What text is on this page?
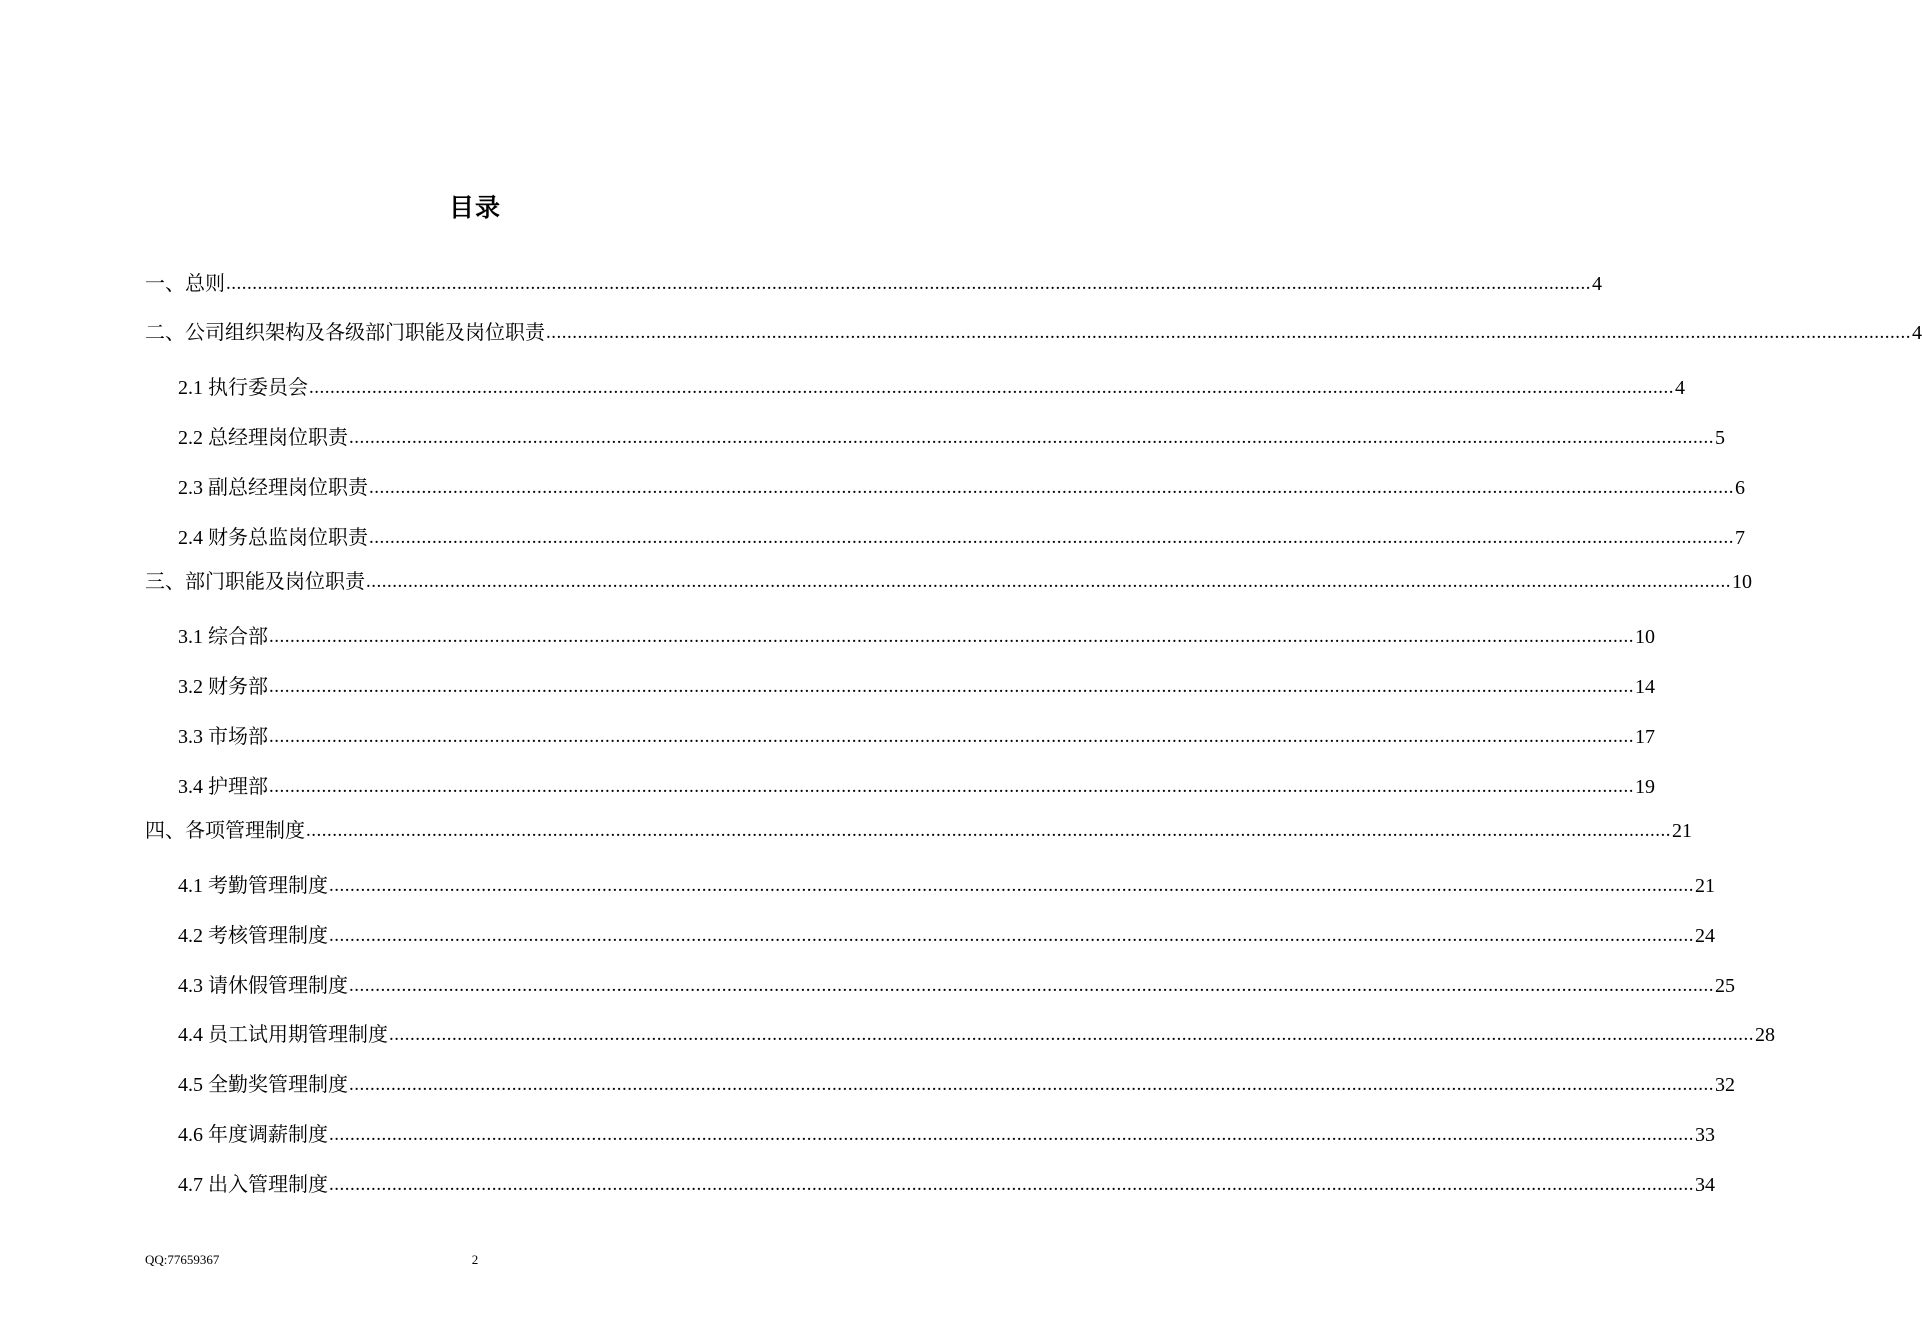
目录
一、总则 .................................................................................................................................................................................................................................................................... 4
二、公司组织架构及各级部门职能及岗位职责 .................................................................................................................................................................................................................................................................... 4
2.1 执行委员会 .................................................................................................................................................................................................................................................................... 4
2.2 总经理岗位职责 .................................................................................................................................................................................................................................................................... 5
2.3 副总经理岗位职责 .................................................................................................................................................................................................................................................................... 6
2.4 财务总监岗位职责 .................................................................................................................................................................................................................................................................... 7
三、部门职能及岗位职责 .................................................................................................................................................................................................................................................................... 10
3.1 综合部 .................................................................................................................................................................................................................................................................... 10
3.2 财务部 .................................................................................................................................................................................................................................................................... 14
3.3 市场部 .................................................................................................................................................................................................................................................................... 17
3.4 护理部 .................................................................................................................................................................................................................................................................... 19
四、各项管理制度 .................................................................................................................................................................................................................................................................... 21
4.1 考勤管理制度 .................................................................................................................................................................................................................................................................... 21
4.2 考核管理制度 .................................................................................................................................................................................................................................................................... 24
4.3 请休假管理制度 .................................................................................................................................................................................................................................................................... 25
4.4 员工试用期管理制度 .................................................................................................................................................................................................................................................................... 28
4.5 全勤奖管理制度 .................................................................................................................................................................................................................................................................... 32
4.6 年度调薪制度 .................................................................................................................................................................................................................................................................... 33
4.7 出入管理制度 .................................................................................................................................................................................................................................................................... 34
QQ:77659367	2
